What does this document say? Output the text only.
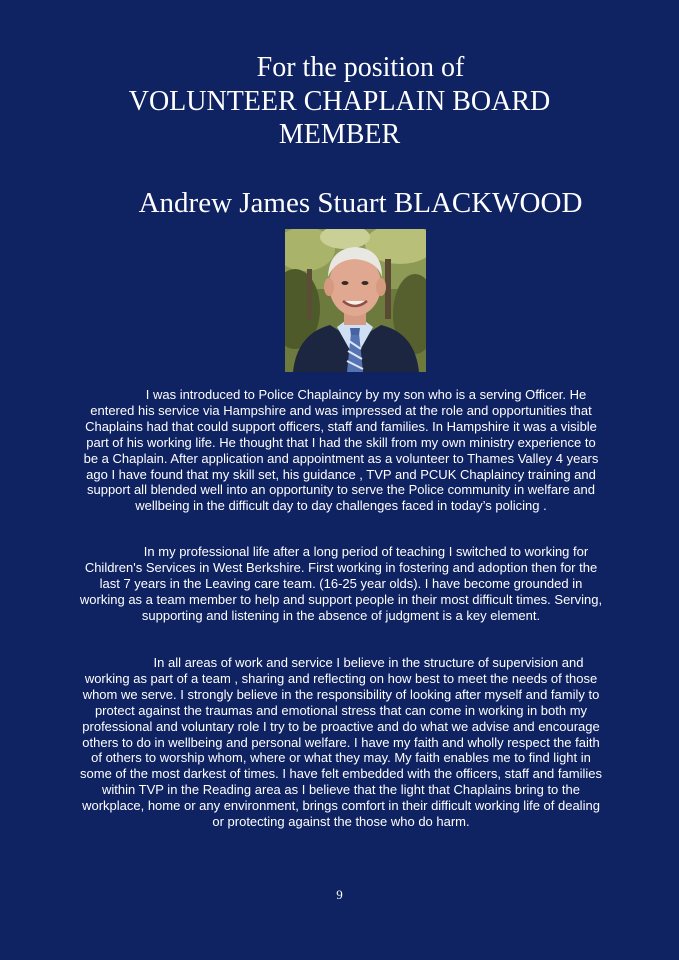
For the position of
VOLUNTEER CHAPLAIN BOARD
MEMBER
Andrew James Stuart BLACKWOOD
I was introduced to Police Chaplaincy by my son who is a serving Officer. He entered his service via Hampshire and was impressed at the role and opportunities that Chaplains had that could support officers, staff and families. In Hampshire it was a visible part of his working life. He thought that I had the skill from my own ministry experience to be a Chaplain. After application and appointment as a volunteer to Thames Valley 4 years ago I have found that my skill set, his guidance , TVP and PCUK Chaplaincy training and support all blended well into an opportunity to serve the Police community in welfare and wellbeing in the difficult day to day challenges faced in today’s policing .
In my professional life after a long period of teaching I switched to working for Children's Services in West Berkshire. First working in fostering and adoption then for the last 7 years in the Leaving care team. (16-25 year olds). I have become grounded in working as a team member to help and support people in their most difficult times. Serving, supporting and listening in the absence of judgment is a key element.
In all areas of work and service I believe in the structure of supervision and working as part of a team , sharing and reflecting on how best to meet the needs of those whom we serve. I strongly believe in the responsibility of looking after myself and family to protect against the traumas and emotional stress that can come in working in both my professional and voluntary role I try to be proactive and do what we advise and encourage others to do in wellbeing and personal welfare. I have my faith and wholly respect the faith of others to worship whom, where or what they may. My faith enables me to find light in some of the most darkest of times. I have felt embedded with the officers, staff and families within TVP in the Reading area as I believe that the light that Chaplains bring to the workplace, home or any environment, brings comfort in their difficult working life of dealing or protecting against the those who do harm.
9
